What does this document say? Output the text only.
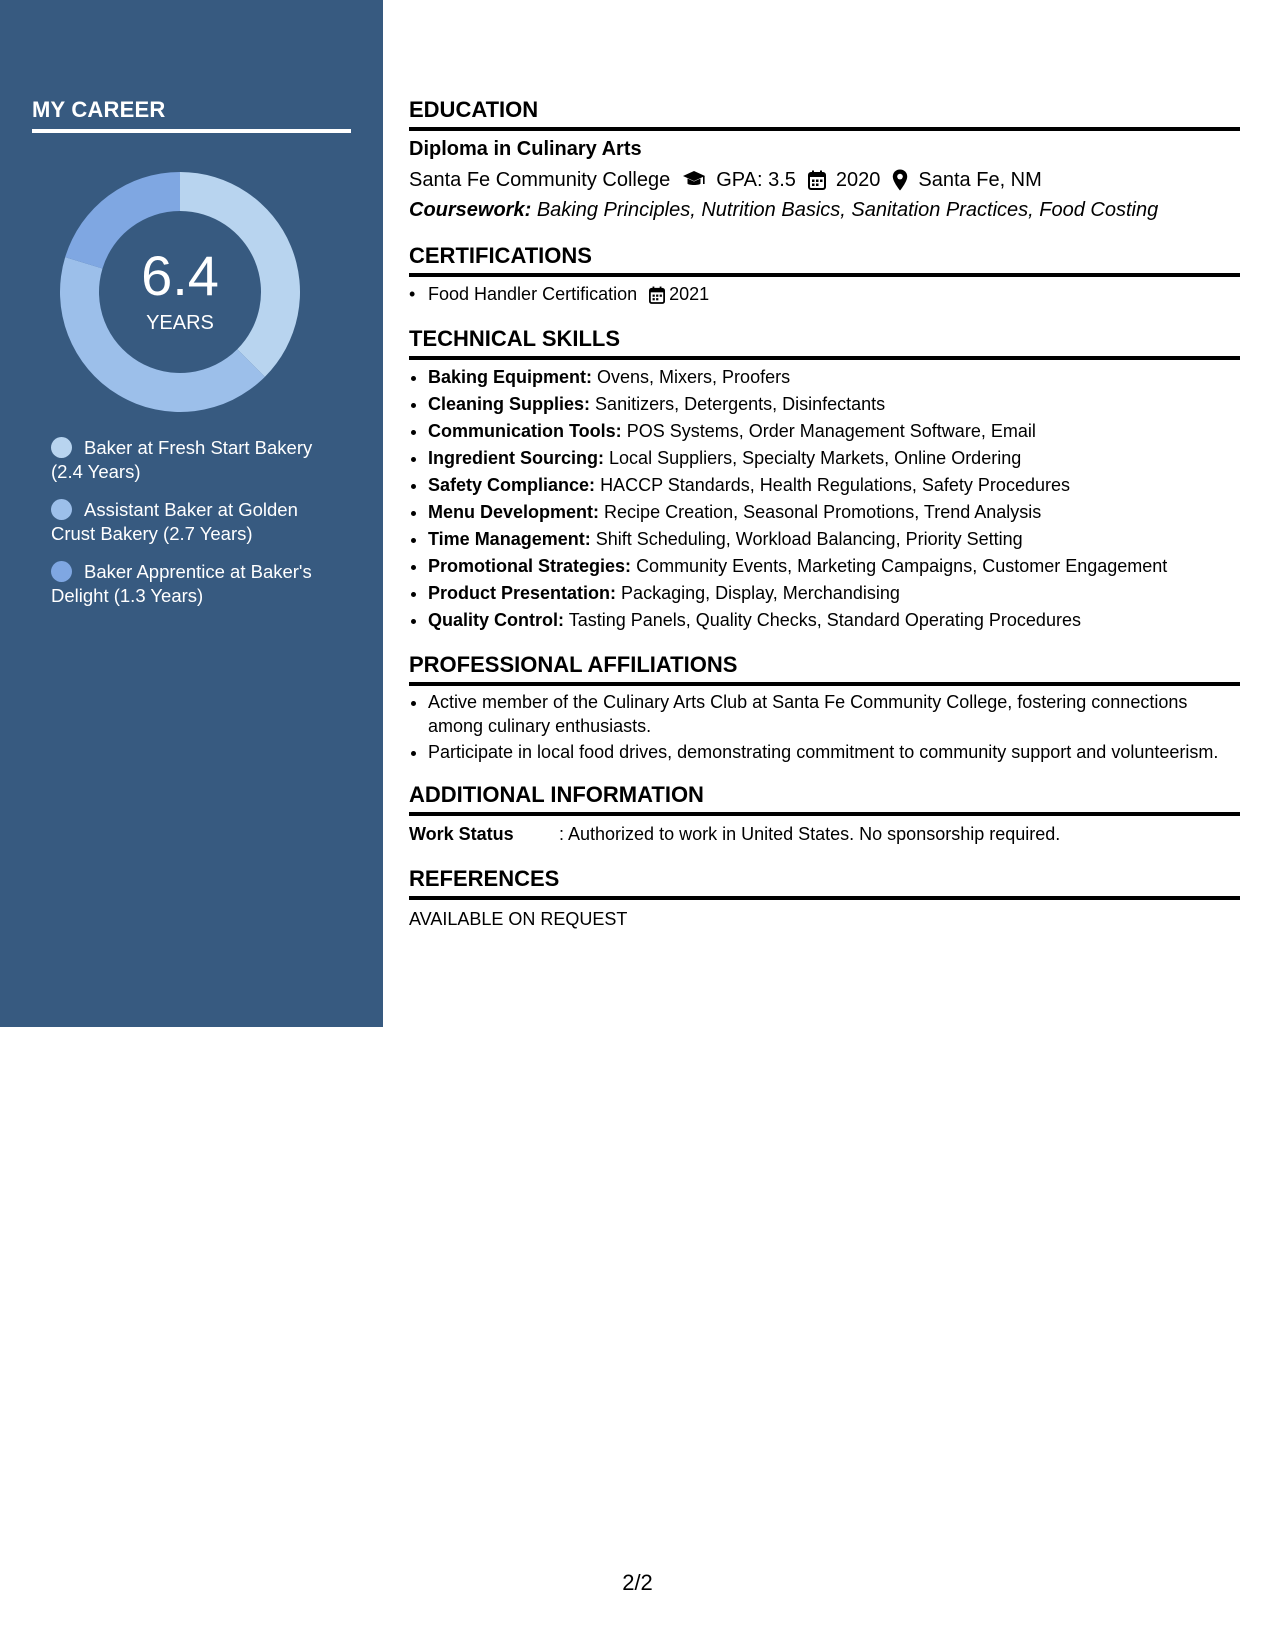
MY CAREER
6.4
YEARS
Baker at Fresh Start Bakery (2.4 Years)
Assistant Baker at Golden Crust Bakery (2.7 Years)
Baker Apprentice at Baker's Delight (1.3 Years)
EDUCATION
Diploma in Culinary Arts
Santa Fe Community College GPA: 3.5 2020 Santa Fe, NM
Coursework: Baking Principles, Nutrition Basics, Sanitation Practices, Food Costing
CERTIFICATIONS
• Food Handler Certification 2021
TECHNICAL SKILLS
• Baking Equipment: Ovens, Mixers, Proofers
• Cleaning Supplies: Sanitizers, Detergents, Disinfectants
• Communication Tools: POS Systems, Order Management Software, Email
• Ingredient Sourcing: Local Suppliers, Specialty Markets, Online Ordering
• Safety Compliance: HACCP Standards, Health Regulations, Safety Procedures
• Menu Development: Recipe Creation, Seasonal Promotions, Trend Analysis
• Time Management: Shift Scheduling, Workload Balancing, Priority Setting
• Promotional Strategies: Community Events, Marketing Campaigns, Customer Engagement
• Product Presentation: Packaging, Display, Merchandising
• Quality Control: Tasting Panels, Quality Checks, Standard Operating Procedures
PROFESSIONAL AFFILIATIONS
• Active member of the Culinary Arts Club at Santa Fe Community College, fostering connections among culinary enthusiasts.
• Participate in local food drives, demonstrating commitment to community support and volunteerism.
ADDITIONAL INFORMATION
Work Status	: Authorized to work in United States. No sponsorship required.
REFERENCES
AVAILABLE ON REQUEST
2/2
